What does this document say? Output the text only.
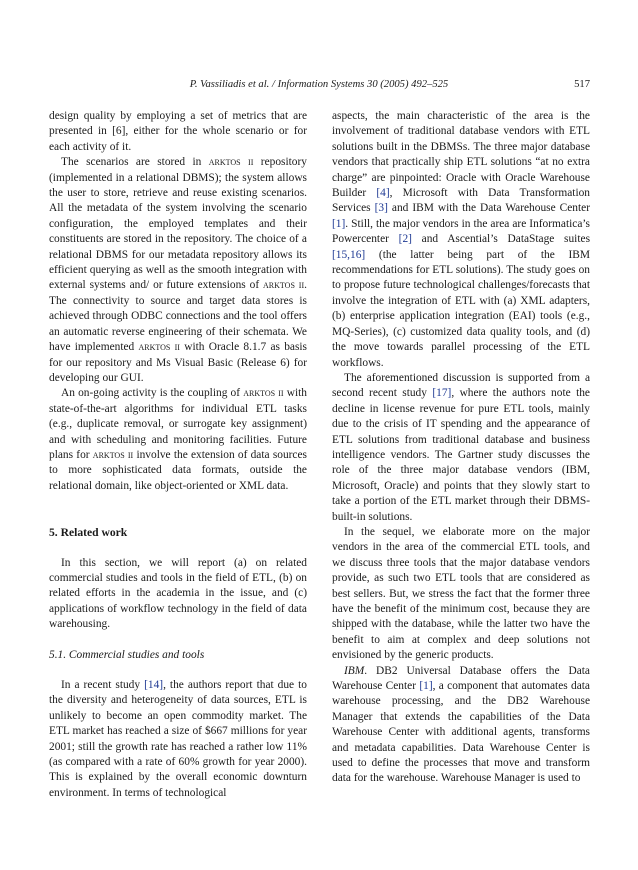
P. Vassiliadis et al. / Information Systems 30 (2005) 492–525	517

design quality by employing a set of metrics that are presented in [6], either for the whole scenario or for each activity of it.

The scenarios are stored in arktos ii repository (implemented in a relational DBMS); the system allows the user to store, retrieve and reuse existing scenarios. All the metadata of the system involving the scenario configuration, the employed templates and their constituents are stored in the repository. The choice of a relational DBMS for our metadata repository allows its efficient querying as well as the smooth integration with external systems and/ or future extensions of arktos ii. The connectivity to source and target data stores is achieved through ODBC connections and the tool offers an automatic reverse engineering of their schemata. We have implemented arktos ii with Oracle 8.1.7 as basis for our repository and Ms Visual Basic (Release 6) for developing our GUI.

An on-going activity is the coupling of arktos ii with state-of-the-art algorithms for individual ETL tasks (e.g., duplicate removal, or surrogate key assignment) and with scheduling and monitoring facilities. Future plans for arktos ii involve the extension of data sources to more sophisticated data formats, outside the relational domain, like object-oriented or XML data.

5. Related work

In this section, we will report (a) on related commercial studies and tools in the field of ETL, (b) on related efforts in the academia in the issue, and (c) applications of workflow technology in the field of data warehousing.

5.1. Commercial studies and tools

In a recent study [14], the authors report that due to the diversity and heterogeneity of data sources, ETL is unlikely to become an open commodity market. The ETL market has reached a size of $667 millions for year 2001; still the growth rate has reached a rather low 11% (as compared with a rate of 60% growth for year 2000). This is explained by the overall economic downturn environment. In terms of technological

aspects, the main characteristic of the area is the involvement of traditional database vendors with ETL solutions built in the DBMSs. The three major database vendors that practically ship ETL solutions “at no extra charge” are pinpointed: Oracle with Oracle Warehouse Builder [4], Microsoft with Data Transformation Services [3] and IBM with the Data Warehouse Center [1]. Still, the major vendors in the area are Informatica’s Powercenter [2] and Ascential’s DataStage suites [15,16] (the latter being part of the IBM recommendations for ETL solutions). The study goes on to propose future technological challenges/forecasts that involve the integration of ETL with (a) XML adapters, (b) enterprise application integration (EAI) tools (e.g., MQ-Series), (c) customized data quality tools, and (d) the move towards parallel processing of the ETL workflows.

The aforementioned discussion is supported from a second recent study [17], where the authors note the decline in license revenue for pure ETL tools, mainly due to the crisis of IT spending and the appearance of ETL solutions from traditional database and business intelligence vendors. The Gartner study discusses the role of the three major database vendors (IBM, Microsoft, Oracle) and points that they slowly start to take a portion of the ETL market through their DBMS-built-in solutions.

In the sequel, we elaborate more on the major vendors in the area of the commercial ETL tools, and we discuss three tools that the major database vendors provide, as such two ETL tools that are considered as best sellers. But, we stress the fact that the former three have the benefit of the minimum cost, because they are shipped with the database, while the latter two have the benefit to aim at complex and deep solutions not envisioned by the generic products.

IBM. DB2 Universal Database offers the Data Warehouse Center [1], a component that automates data warehouse processing, and the DB2 Warehouse Manager that extends the capabilities of the Data Warehouse Center with additional agents, transforms and metadata capabilities. Data Warehouse Center is used to define the processes that move and transform data for the warehouse. Warehouse Manager is used to
